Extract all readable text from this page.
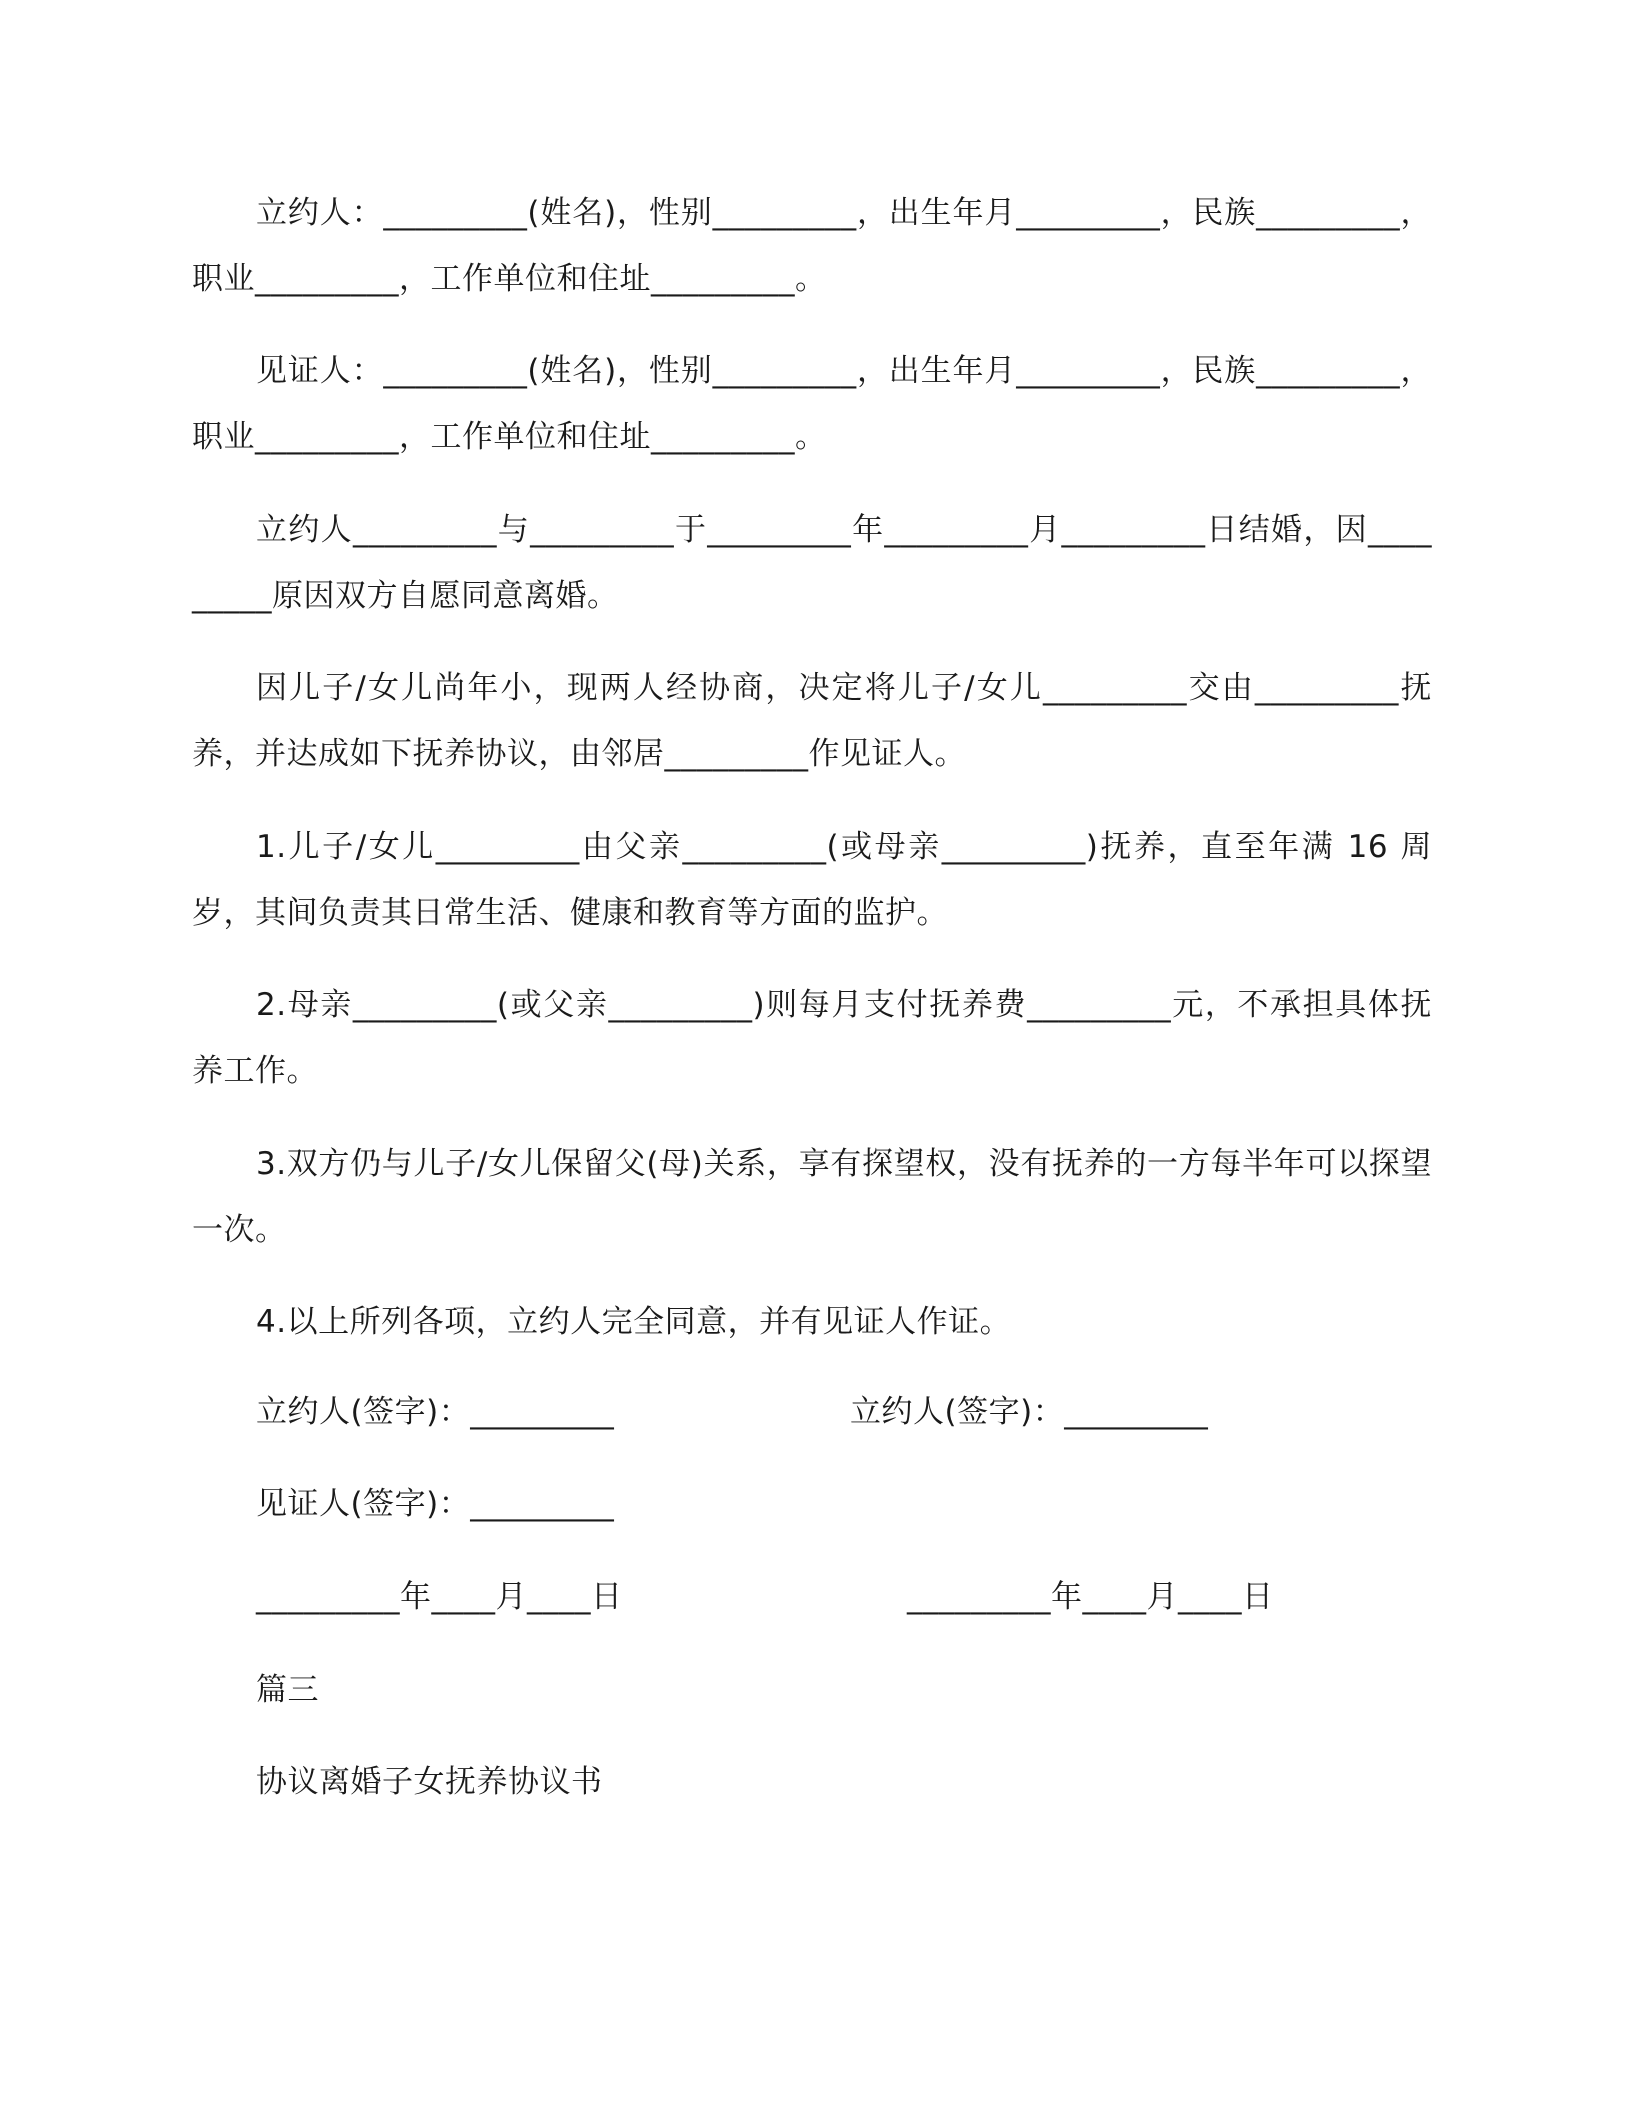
立约人：_________(姓名)，性别_________，出生年月_________，民族_________，职业_________，工作单位和住址_________。

见证人：_________(姓名)，性别_________，出生年月_________，民族_________，职业_________，工作单位和住址_________。

立约人_________与_________于_________年_________月_________日结婚，因_________原因双方自愿同意离婚。

因儿子/女儿尚年小，现两人经协商，决定将儿子/女儿_________交由_________抚养，并达成如下抚养协议，由邻居_________作见证人。

1.儿子/女儿_________由父亲_________(或母亲_________)抚养，直至年满 16 周岁，其间负责其日常生活、健康和教育等方面的监护。

2.母亲_________(或父亲_________)则每月支付抚养费_________元，不承担具体抚养工作。

3.双方仍与儿子/女儿保留父(母)关系，享有探望权，没有抚养的一方每半年可以探望一次。

4.以上所列各项，立约人完全同意，并有见证人作证。

立约人(签字)：_________	立约人(签字)：_________

见证人(签字)：_________

_________年____月____日	_________年____月____日

篇三

协议离婚子女抚养协议书
